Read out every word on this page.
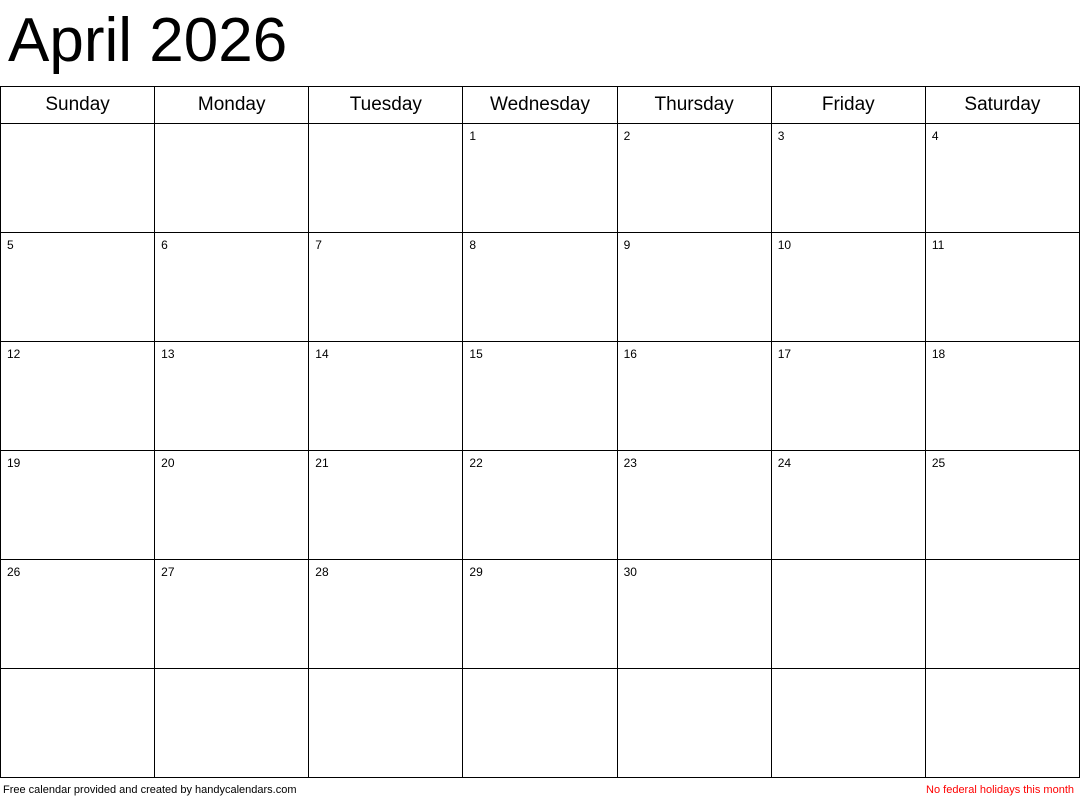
April 2026
Sunday	Monday	Tuesday	Wednesday	Thursday	Friday	Saturday

			1	2	3	4

5	6	7	8	9	10	11

12	13	14	15	16	17	18

19	20	21	22	23	24	25

26	27	28	29	30		

Free calendar provided and created by handycalendars.com	No federal holidays this month
